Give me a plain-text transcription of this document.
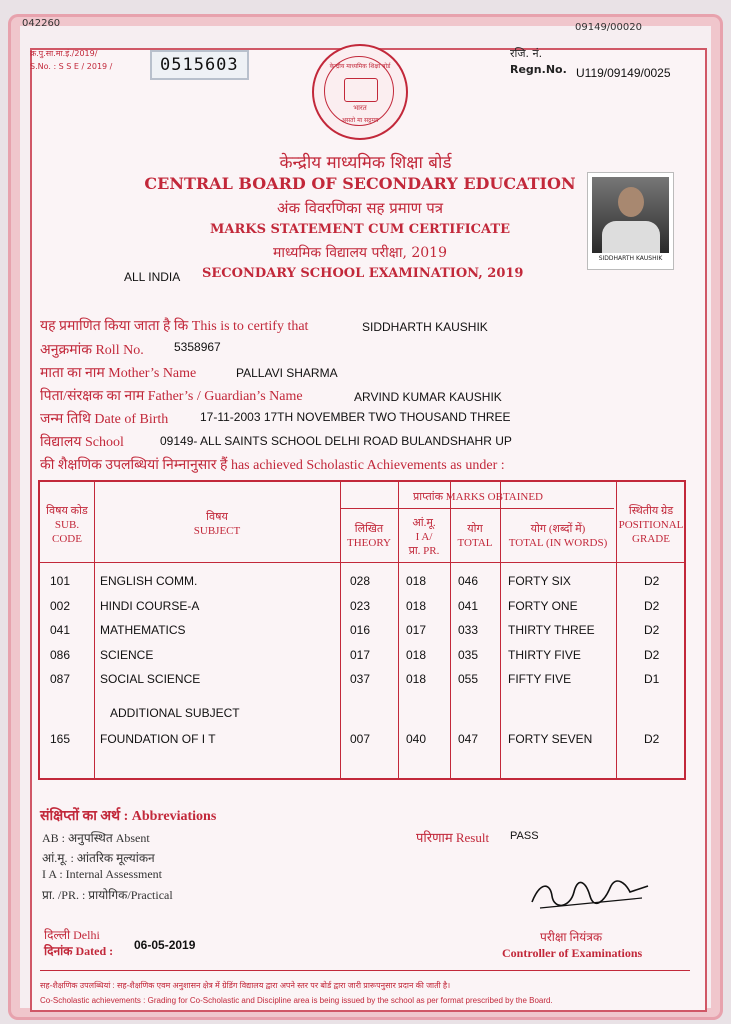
042260	09149/00020
क्र.पु.सा.मा.इं./2019/
S.No. : S S E / 2019 /	0515603
रजि. नं.
Regn.No. U119/09149/0025
केन्द्रीय माध्यमिक शिक्षा बोर्ड
भारत
असतो मा सद्गमय
केन्द्रीय माध्यमिक शिक्षा बोर्ड
CENTRAL BOARD OF SECONDARY EDUCATION
अंक विवरणिका सह प्रमाण पत्र
MARKS STATEMENT CUM CERTIFICATE
माध्यमिक विद्यालय परीक्षा, 2019
ALL INDIA SECONDARY SCHOOL EXAMINATION, 2019
SIDDHARTH KAUSHIK
यह प्रमाणित किया जाता है कि This is to certify that	SIDDHARTH KAUSHIK
अनुक्रमांक Roll No.	5358967
माता का नाम Mother’s Name	PALLAVI SHARMA
पिता/संरक्षक का नाम Father’s / Guardian’s Name	ARVIND KUMAR KAUSHIK
जन्म तिथि Date of Birth	17-11-2003 17TH NOVEMBER TWO THOUSAND THREE
विद्यालय School	09149- ALL SAINTS SCHOOL DELHI ROAD BULANDSHAHR UP
की शैक्षणिक उपलब्धियां निम्नानुसार हैं has achieved Scholastic Achievements as under :
विषय कोड
SUB.
CODE
विषय
SUBJECT
प्राप्तांक MARKS OBTAINED
लिखित
THEORY
आं.मू.
I A/
प्रा. PR.
योग
TOTAL
योग (शब्दों में)
TOTAL (IN WORDS)
स्थितीय ग्रेड
POSITIONAL
GRADE
101 ENGLISH COMM.	028	018	046 FORTY SIX	D2
002 HINDI COURSE-A	023	018	041 FORTY ONE	D2
041 MATHEMATICS	016	017	033 THIRTY THREE	D2
086 SCIENCE	017	018	035 THIRTY FIVE	D2
087 SOCIAL SCIENCE	037	018	055 FIFTY FIVE	D1
ADDITIONAL SUBJECT
165 FOUNDATION OF I T	007	040	047 FORTY SEVEN	D2
संक्षिप्तों का अर्थ : Abbreviations
AB : अनुपस्थित Absent
आं.मू. : आंतरिक मूल्यांकन
I A : Internal Assessment
प्रा. /PR. : प्रायोगिक/Practical
परिणाम Result PASS
दिल्ली Delhi
दिनांक Dated : 06-05-2019
परीक्षा नियंत्रक
Controller of Examinations
सह-शैक्षणिक उपलब्धियां : सह-शैक्षणिक एवम अनुशासन क्षेत्र में ग्रेडिंग विद्यालय द्वारा अपने स्तर पर बोर्ड द्वारा जारी प्रारूपनुसार प्रदान की जाती है।
Co-Scholastic achievements : Grading for Co-Scholastic and Discipline area is being issued by the school as per format prescribed by the Board.
